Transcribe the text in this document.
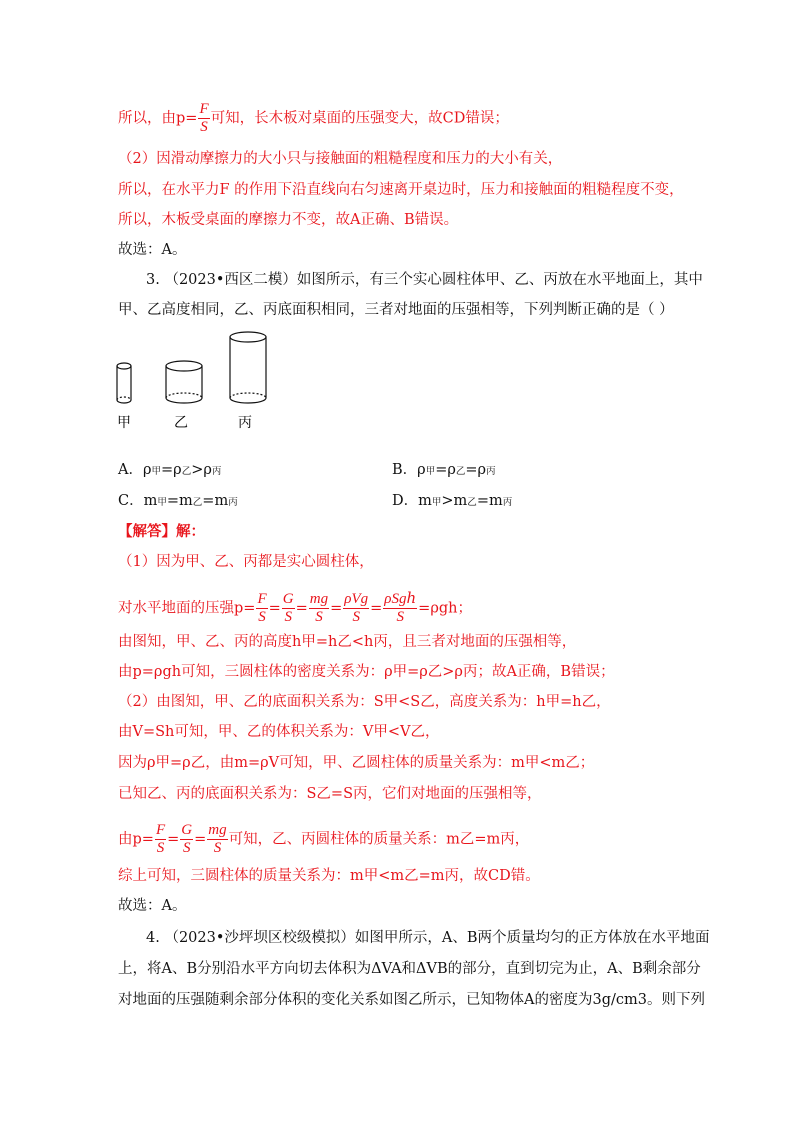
所以，由$p= \frac{F}{S}$ 可知，长木板对桌面的压强变大，故CD错误；
（2）因滑动摩擦力的大小只与接触面的粗糙程度和压力的大小有关，
所以，在水平力F 的作用下沿直线向右匀速离开桌边时，压力和接触面的粗糙程度不变，
所以，木板受桌面的摩擦力不变，故A正确、B错误。
故选：A。
3. （2023•西区二模）如图所示，有三个实心圆柱体甲、乙、丙放在水平地面上，其中
甲、乙高度相同，乙、丙底面积相同，三者对地面的压强相等，下列判断正确的是（ ）
甲	乙	丙
A．ρ甲=ρ乙>ρ丙	B．ρ甲=ρ乙=ρ丙
C．m甲=m乙=m丙	D．m甲>m乙=m丙
【解答】解：
（1）因为甲、乙、丙都是实心圆柱体，
对水平地面的压强$p= \frac{F}{S} = \frac{G}{S} = \frac{mg}{S} = \frac{\text{ρVg}}{S} = \frac{\text{ρSgℎ}}{S} =\rho gh$；
由图知，甲、乙、丙的高度h甲=h乙<h丙，且三者对地面的压强相等，
由p=ρgh可知，三圆柱体的密度关系为：ρ甲=ρ乙>ρ丙；故A正确，B错误；
（2）由图知，甲、乙的底面积关系为：S甲<S乙，高度关系为：h甲=h乙，
由V=Sh可知，甲、乙的体积关系为：V甲<V乙，
因为ρ甲=ρ乙，由m=ρV可知，甲、乙圆柱体的质量关系为：m甲<m乙；
已知乙、丙的底面积关系为：S乙=S丙，它们对地面的压强相等，
由$p= \frac{F}{S} = \frac{G}{S} = \frac{mg}{S}$ 可知，乙、丙圆柱体的质量关系：m乙=m丙，
综上可知，三圆柱体的质量关系为：m甲<m乙=m丙，故CD错。
故选：A。
4. （2023•沙坪坝区校级模拟）如图甲所示，A、B两个质量均匀的正方体放在水平地面
上，将A、B分别沿水平方向切去体积为ΔVA和ΔVB的部分，直到切完为止，A、B剩余部分
对地面的压强随剩余部分体积的变化关系如图乙所示，已知物体A的密度为3g/cm3。则下列
